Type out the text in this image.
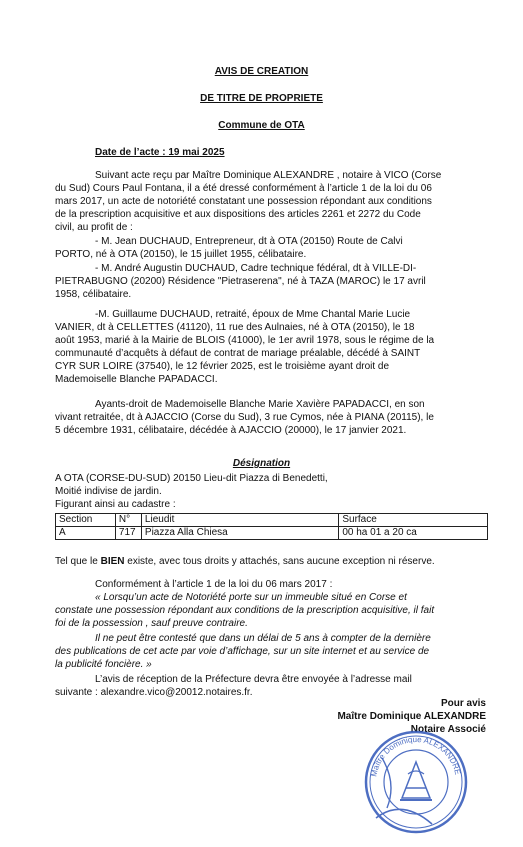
AVIS DE CREATION
DE TITRE DE PROPRIETE
Commune de OTA
Date de l’acte : 19 mai 2025
Suivant acte reçu par Maître Dominique ALEXANDRE , notaire à VICO (Corse
du Sud) Cours Paul Fontana, il a été dressé conformément à l’article 1 de la loi du 06
mars 2017, un acte de notoriété constatant une possession répondant aux conditions
de la prescription acquisitive et aux dispositions des articles 2261 et 2272 du Code
civil, au profit de :
- M. Jean DUCHAUD, Entrepreneur, dt à OTA (20150) Route de Calvi
PORTO, né à OTA (20150), le 15 juillet 1955, célibataire.
- M. André Augustin DUCHAUD, Cadre technique fédéral, dt à VILLE-DI-
PIETRABUGNO (20200) Résidence "Pietraserena", né à TAZA (MAROC) le 17 avril
1958, célibataire.
-M. Guillaume DUCHAUD, retraité, époux de Mme Chantal Marie Lucie
VANIER, dt à CELLETTES (41120), 11 rue des Aulnaies, né à OTA (20150), le 18
août 1953, marié à la Mairie de BLOIS (41000), le 1er avril 1978, sous le régime de la
communauté d’acquêts à défaut de contrat de mariage préalable, décédé à SAINT
CYR SUR LOIRE (37540), le 12 février 2025, est le troisième ayant droit de
Mademoiselle Blanche PAPADACCI.
Ayants-droit de Mademoiselle Blanche Marie Xavière PAPADACCI, en son
vivant retraitée, dt à AJACCIO (Corse du Sud), 3 rue Cymos, née à PIANA (20115), le
5 décembre 1931, célibataire, décédée à AJACCIO (20000), le 17 janvier 2021.
Désignation
A OTA (CORSE-DU-SUD) 20150 Lieu-dit Piazza di Benedetti,
Moitié indivise de jardin.
Figurant ainsi au cadastre :
Section	N°	Lieudit	Surface
A	717	Piazza Alla Chiesa	00 ha 01 a 20 ca
Tel que le BIEN existe, avec tous droits y attachés, sans aucune exception ni réserve.
Conformément à l’article 1 de la loi du 06 mars 2017 :
« Lorsqu’un acte de Notoriété porte sur un immeuble situé en Corse et
constate une possession répondant aux conditions de la prescription acquisitive, il fait
foi de la possession , sauf preuve contraire.
Il ne peut être contesté que dans un délai de 5 ans à compter de la dernière
des publications de cet acte par voie d’affichage, sur un site internet et au service de
la publicité foncière. »
L’avis de réception de la Préfecture devra être envoyée à l’adresse mail
suivante : alexandre.vico@20012.notaires.fr.
Pour avis
Maître Dominique ALEXANDRE
Notaire Associé
Maître Dominique ALEXANDRE
